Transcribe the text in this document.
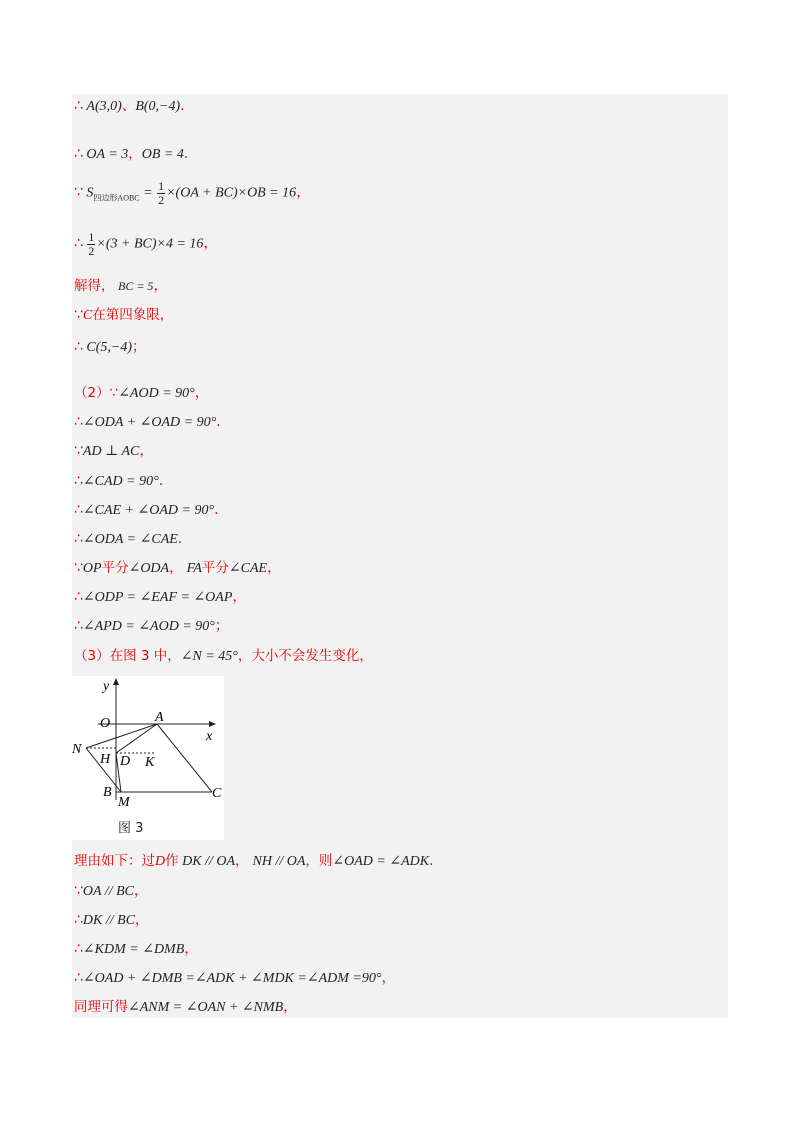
∴ A(3,0)、B(0,−4).
∴ OA = 3，OB = 4.
∵ $S_{四边形AOBC} = \frac{1}{2} \times(OA + BC)\times OB = 16$，
∴ $\frac{1}{2} \times(3 + BC)\times 4 = 16$，
解得， BC = 5，
∵C在第四象限，
∴ C(5,−4)；
（2）∵∠AOD = 90°，
∴∠ODA + ∠OAD = 90°.
∵AD ⊥ AC，
∴∠CAD = 90°.
∴∠CAE + ∠OAD = 90°.
∴∠ODA = ∠CAE.
∵OP平分∠ODA， FA平分∠CAE，
∴∠ODP = ∠EAF = ∠OAP，
∴∠APD = ∠AOD = 90°；
（3）在图 3 中，∠N = 45°，大小不会发生变化，
y
x
O	A
N
H D K
B
M
C
图 3
理由如下：过D作 DK // OA， NH // OA，则∠OAD = ∠ADK.
∵OA // BC，
∴DK // BC，
∴∠KDM = ∠DMB，
∴∠OAD + ∠DMB =∠ADK + ∠MDK =∠ADM =90°，
同理可得∠ANM = ∠OAN + ∠NMB，
